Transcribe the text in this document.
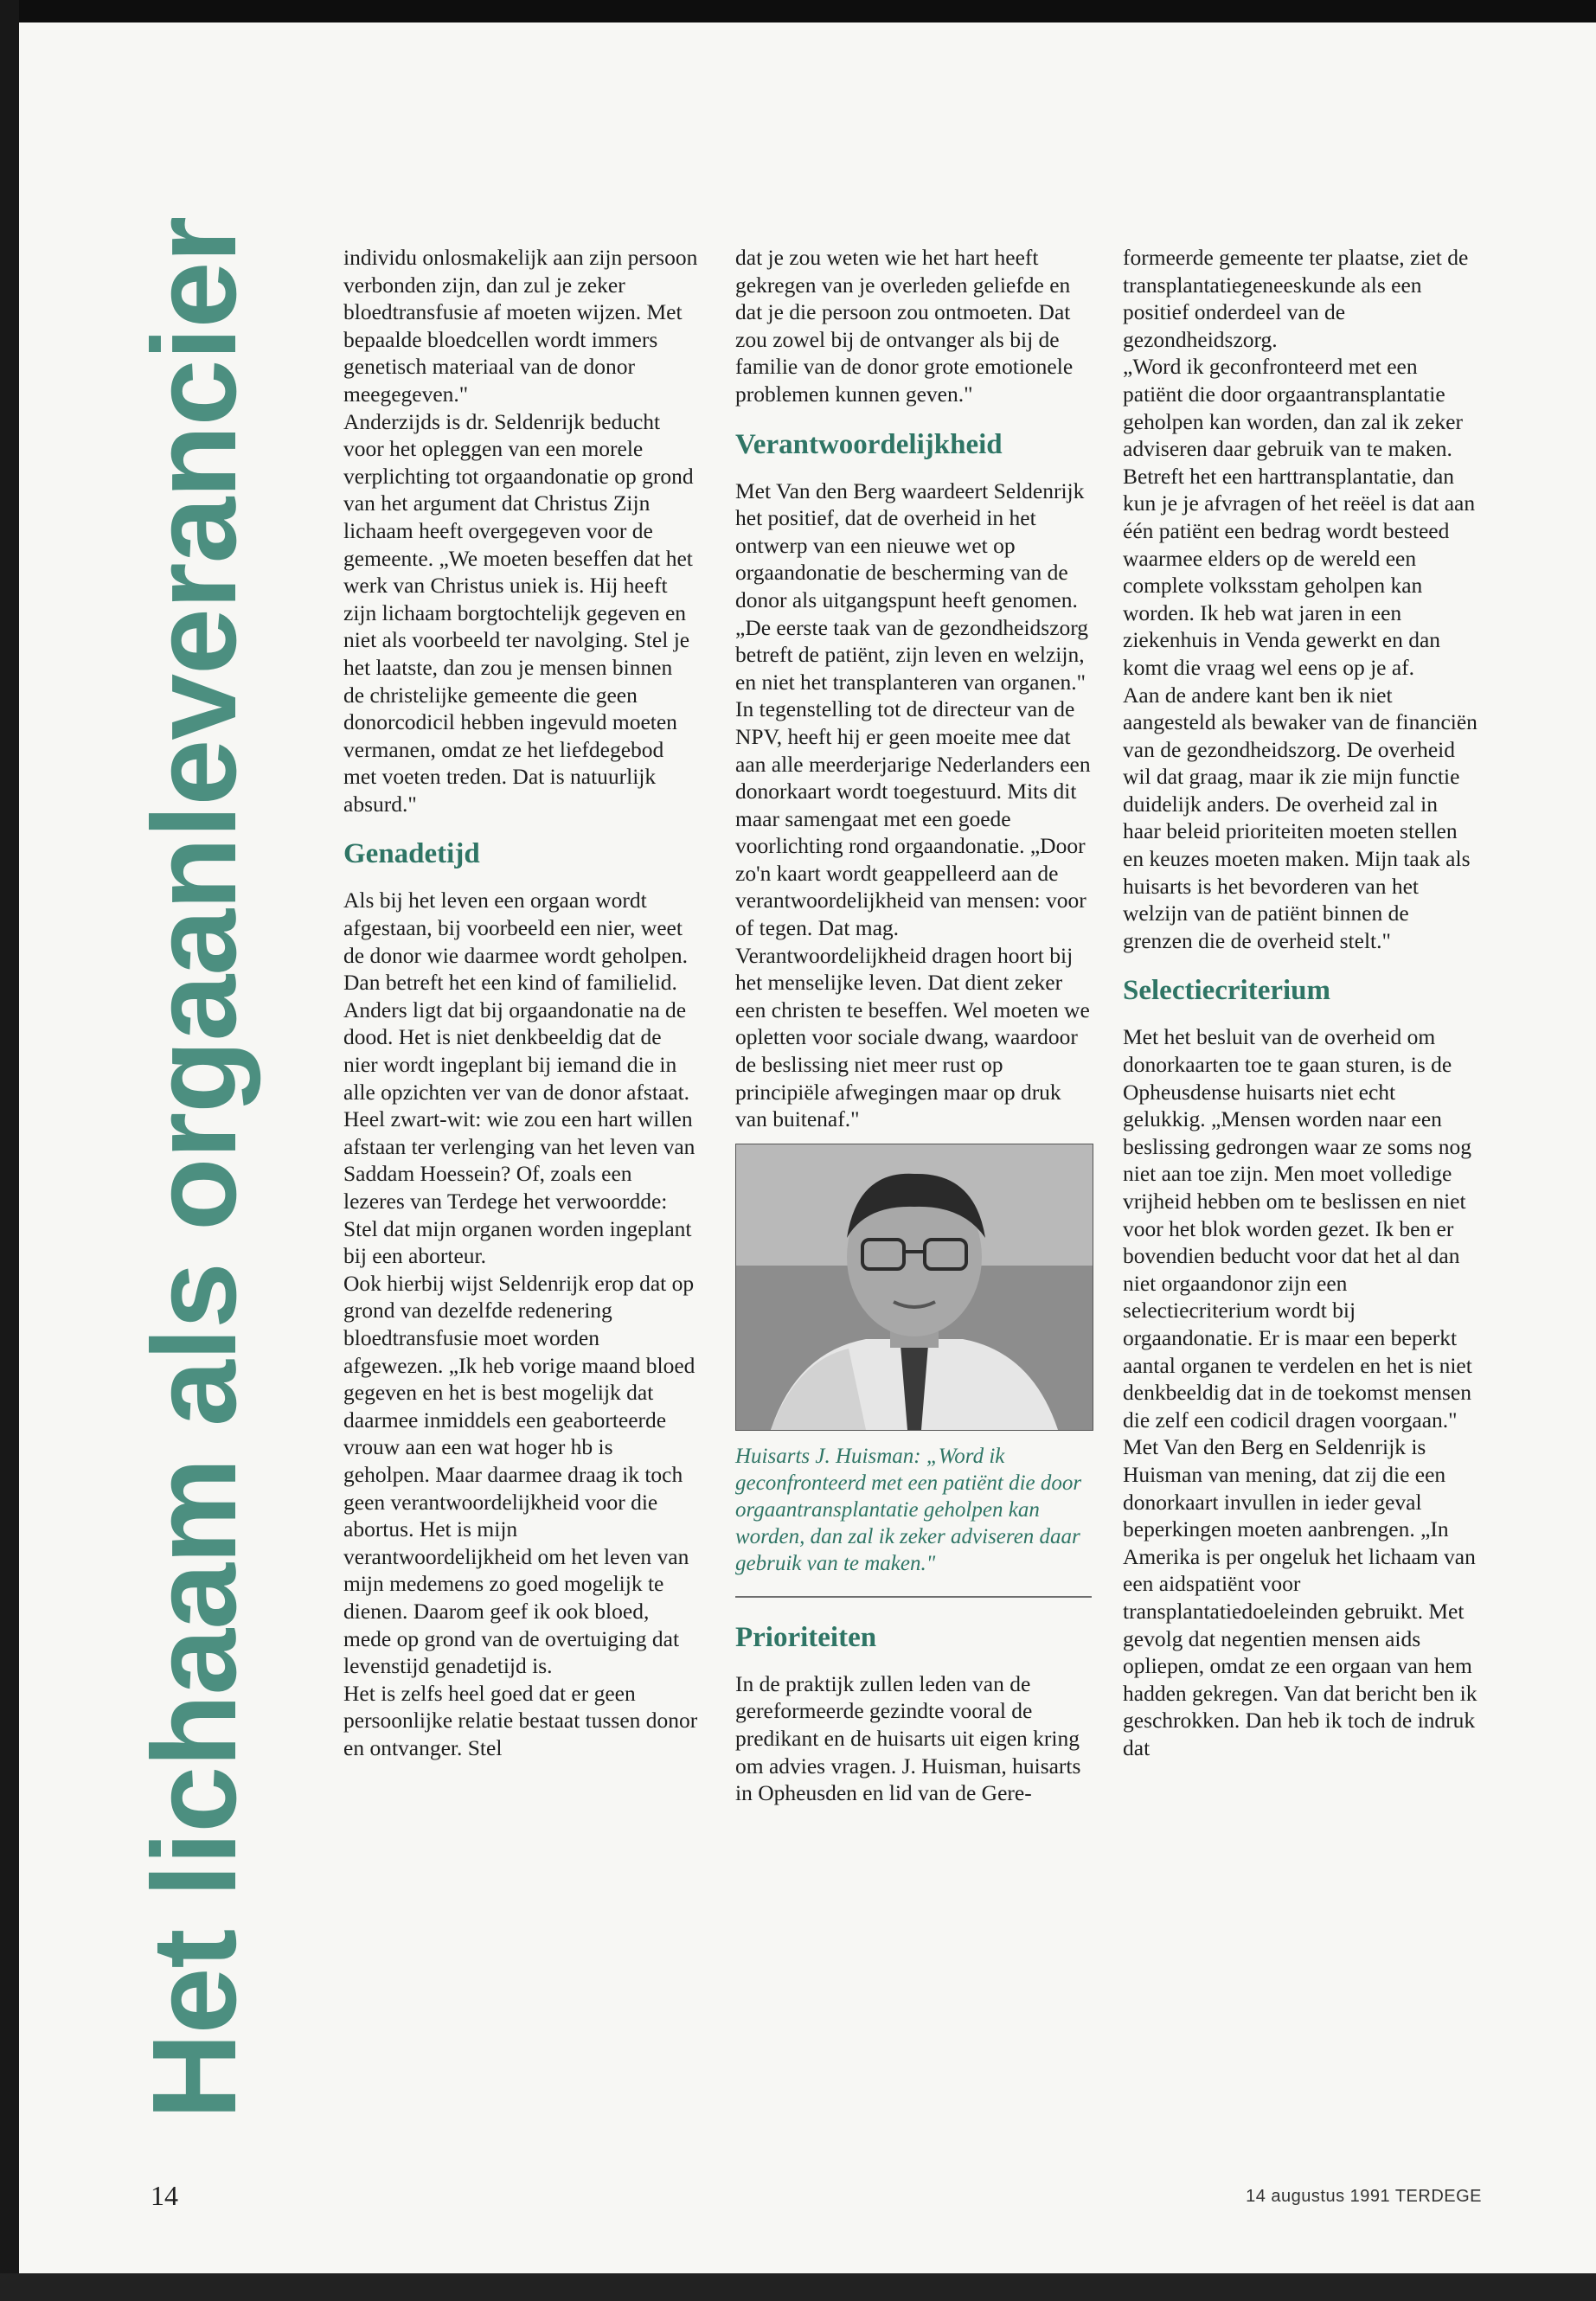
Het lichaam als orgaanleverancier	individu onlosmakelijk aan zijn persoon verbonden zijn, dan zul je zeker bloedtransfusie af moeten wijzen. Met bepaalde bloedcellen wordt immers genetisch materiaal van de donor meegegeven."

Anderzijds is dr. Seldenrijk beducht voor het opleggen van een morele verplichting tot orgaandonatie op grond van het argument dat Christus Zijn lichaam heeft overgegeven voor de gemeente. „We moeten beseffen dat het werk van Christus uniek is. Hij heeft zijn lichaam borgtochtelijk gegeven en niet als voorbeeld ter navolging. Stel je het laatste, dan zou je mensen binnen de christelijke gemeente die geen donorcodicil hebben ingevuld moeten vermanen, omdat ze het liefdegebod met voeten treden. Dat is natuurlijk absurd."

Genadetijd

Als bij het leven een orgaan wordt afgestaan, bij voorbeeld een nier, weet de donor wie daarmee wordt geholpen. Dan betreft het een kind of familielid. Anders ligt dat bij orgaandonatie na de dood. Het is niet denkbeeldig dat de nier wordt ingeplant bij iemand die in alle opzichten ver van de donor afstaat. Heel zwart-wit: wie zou een hart willen afstaan ter verlenging van het leven van Saddam Hoessein? Of, zoals een lezeres van Terdege het verwoordde: Stel dat mijn organen worden ingeplant bij een aborteur.

Ook hierbij wijst Seldenrijk erop dat op grond van dezelfde redenering bloedtransfusie moet worden afgewezen. „Ik heb vorige maand bloed gegeven en het is best mogelijk dat daarmee inmiddels een geaborteerde vrouw aan een wat hoger hb is geholpen. Maar daarmee draag ik toch geen verantwoordelijkheid voor die abortus. Het is mijn verantwoordelijkheid om het leven van mijn medemens zo goed mogelijk te dienen. Daarom geef ik ook bloed, mede op grond van de overtuiging dat levenstijd genadetijd is.

Het is zelfs heel goed dat er geen persoonlijke relatie bestaat tussen donor en ontvanger. Stel

dat je zou weten wie het hart heeft gekregen van je overleden geliefde en dat je die persoon zou ontmoeten. Dat zou zowel bij de ontvanger als bij de familie van de donor grote emotionele problemen kunnen geven."

Verantwoordelijkheid

Met Van den Berg waardeert Seldenrijk het positief, dat de overheid in het ontwerp van een nieuwe wet op orgaandonatie de bescherming van de donor als uitgangspunt heeft genomen. „De eerste taak van de gezondheidszorg betreft de patiënt, zijn leven en welzijn, en niet het transplanteren van organen."

In tegenstelling tot de directeur van de NPV, heeft hij er geen moeite mee dat aan alle meerderjarige Nederlanders een donorkaart wordt toegestuurd. Mits dit maar samengaat met een goede voorlichting rond orgaandonatie. „Door zo'n kaart wordt geappelleerd aan de verantwoordelijkheid van mensen: voor of tegen. Dat mag. Verantwoordelijkheid dragen hoort bij het menselijke leven. Dat dient zeker een christen te beseffen. Wel moeten we opletten voor sociale dwang, waardoor de beslissing niet meer rust op principiële afwegingen maar op druk van buitenaf."

Huisarts J. Huisman: „Word ik geconfronteerd met een patiënt die door orgaantransplantatie geholpen kan worden, dan zal ik zeker adviseren daar gebruik van te maken."
Prioriteiten

In de praktijk zullen leden van de gereformeerde gezindte vooral de predikant en de huisarts uit eigen kring om advies vragen. J. Huisman, huisarts in Opheusden en lid van de Gere-

formeerde gemeente ter plaatse, ziet de transplantatiegeneeskunde als een positief onderdeel van de gezondheidszorg.

„Word ik geconfronteerd met een patiënt die door orgaantransplantatie geholpen kan worden, dan zal ik zeker adviseren daar gebruik van te maken.

Betreft het een harttransplantatie, dan kun je je afvragen of het reëel is dat aan één patiënt een bedrag wordt besteed waarmee elders op de wereld een complete volksstam geholpen kan worden. Ik heb wat jaren in een ziekenhuis in Venda gewerkt en dan komt die vraag wel eens op je af.

Aan de andere kant ben ik niet aangesteld als bewaker van de financiën van de gezondheidszorg. De overheid wil dat graag, maar ik zie mijn functie duidelijk anders. De overheid zal in haar beleid prioriteiten moeten stellen en keuzes moeten maken. Mijn taak als huisarts is het bevorderen van het welzijn van de patiënt binnen de grenzen die de overheid stelt."

Selectiecriterium

Met het besluit van de overheid om donorkaarten toe te gaan sturen, is de Opheusdense huisarts niet echt gelukkig. „Mensen worden naar een beslissing gedrongen waar ze soms nog niet aan toe zijn. Men moet volledige vrijheid hebben om te beslissen en niet voor het blok worden gezet. Ik ben er bovendien beducht voor dat het al dan niet orgaandonor zijn een selectiecriterium wordt bij orgaandonatie. Er is maar een beperkt aantal organen te verdelen en het is niet denkbeeldig dat in de toekomst mensen die zelf een codicil dragen voorgaan."

Met Van den Berg en Seldenrijk is Huisman van mening, dat zij die een donorkaart invullen in ieder geval beperkingen moeten aanbrengen. „In Amerika is per ongeluk het lichaam van een aidspatiënt voor transplantatiedoeleinden gebruikt. Met gevolg dat negentien mensen aids opliepen, omdat ze een orgaan van hem hadden gekregen. Van dat bericht ben ik geschrokken. Dan heb ik toch de indruk dat

14	14 augustus 1991 TERDEGE
